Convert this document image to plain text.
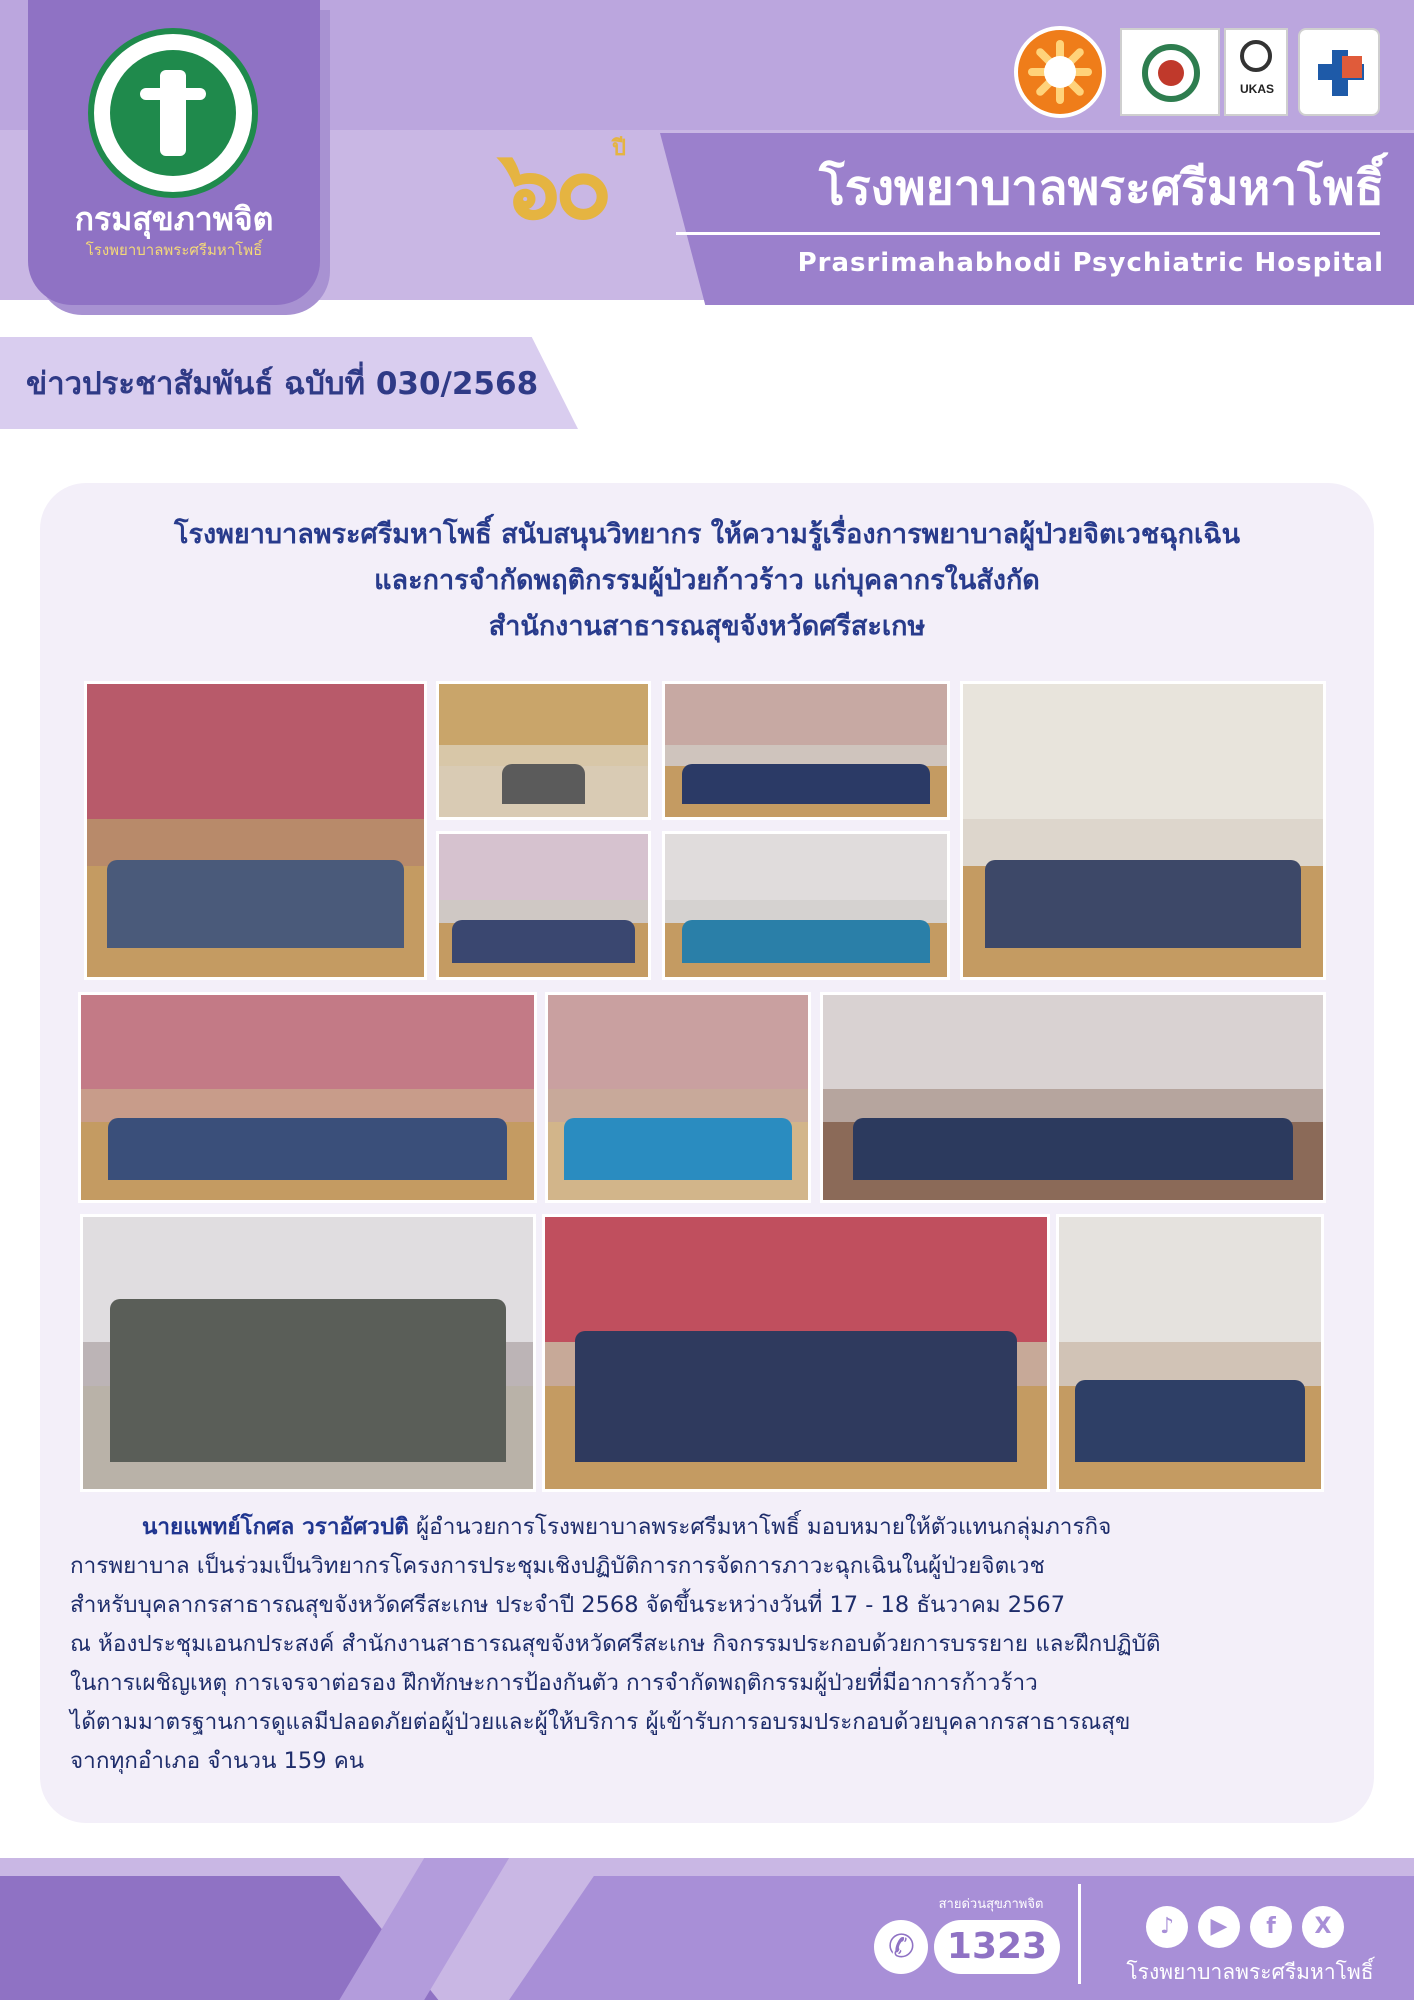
กรมสุขภาพจิต
โรงพยาบาลพระศรีมหาโพธิ์
๖๐ ปี
โรงพยาบาลพระศรีมหาโพธิ์
Prasrimahabhodi Psychiatric Hospital
UKAS
ข่าวประชาสัมพันธ์ ฉบับที่ 030/2568
โรงพยาบาลพระศรีมหาโพธิ์ สนับสนุนวิทยากร ให้ความรู้เรื่องการพยาบาลผู้ป่วยจิตเวชฉุกเฉิน
และการจำกัดพฤติกรรมผู้ป่วยก้าวร้าว แก่บุคลากรในสังกัด
สำนักงานสาธารณสุขจังหวัดศรีสะเกษ
นายแพทย์โกศล วราอัศวปติ ผู้อำนวยการโรงพยาบาลพระศรีมหาโพธิ์ มอบหมายให้ตัวแทนกลุ่มภารกิจ
การพยาบาล เป็นร่วมเป็นวิทยากรโครงการประชุมเชิงปฏิบัติการการจัดการภาวะฉุกเฉินในผู้ป่วยจิตเวช
สำหรับบุคลากรสาธารณสุขจังหวัดศรีสะเกษ ประจำปี 2568 จัดขึ้นระหว่างวันที่ 17 - 18 ธันวาคม 2567
ณ ห้องประชุมเอนกประสงค์ สำนักงานสาธารณสุขจังหวัดศรีสะเกษ กิจกรรมประกอบด้วยการบรรยาย และฝึกปฏิบัติ
ในการเผชิญเหตุ การเจรจาต่อรอง ฝึกทักษะการป้องกันตัว การจำกัดพฤติกรรมผู้ป่วยที่มีอาการก้าวร้าว
ได้ตามมาตรฐานการดูแลมีปลอดภัยต่อผู้ป่วยและผู้ให้บริการ ผู้เข้ารับการอบรมประกอบด้วยบุคลากรสาธารณสุข
จากทุกอำเภอ จำนวน 159 คน
สายด่วนสุขภาพจิต
✆ 1323	♪	▶	f	X
โรงพยาบาลพระศรีมหาโพธิ์
